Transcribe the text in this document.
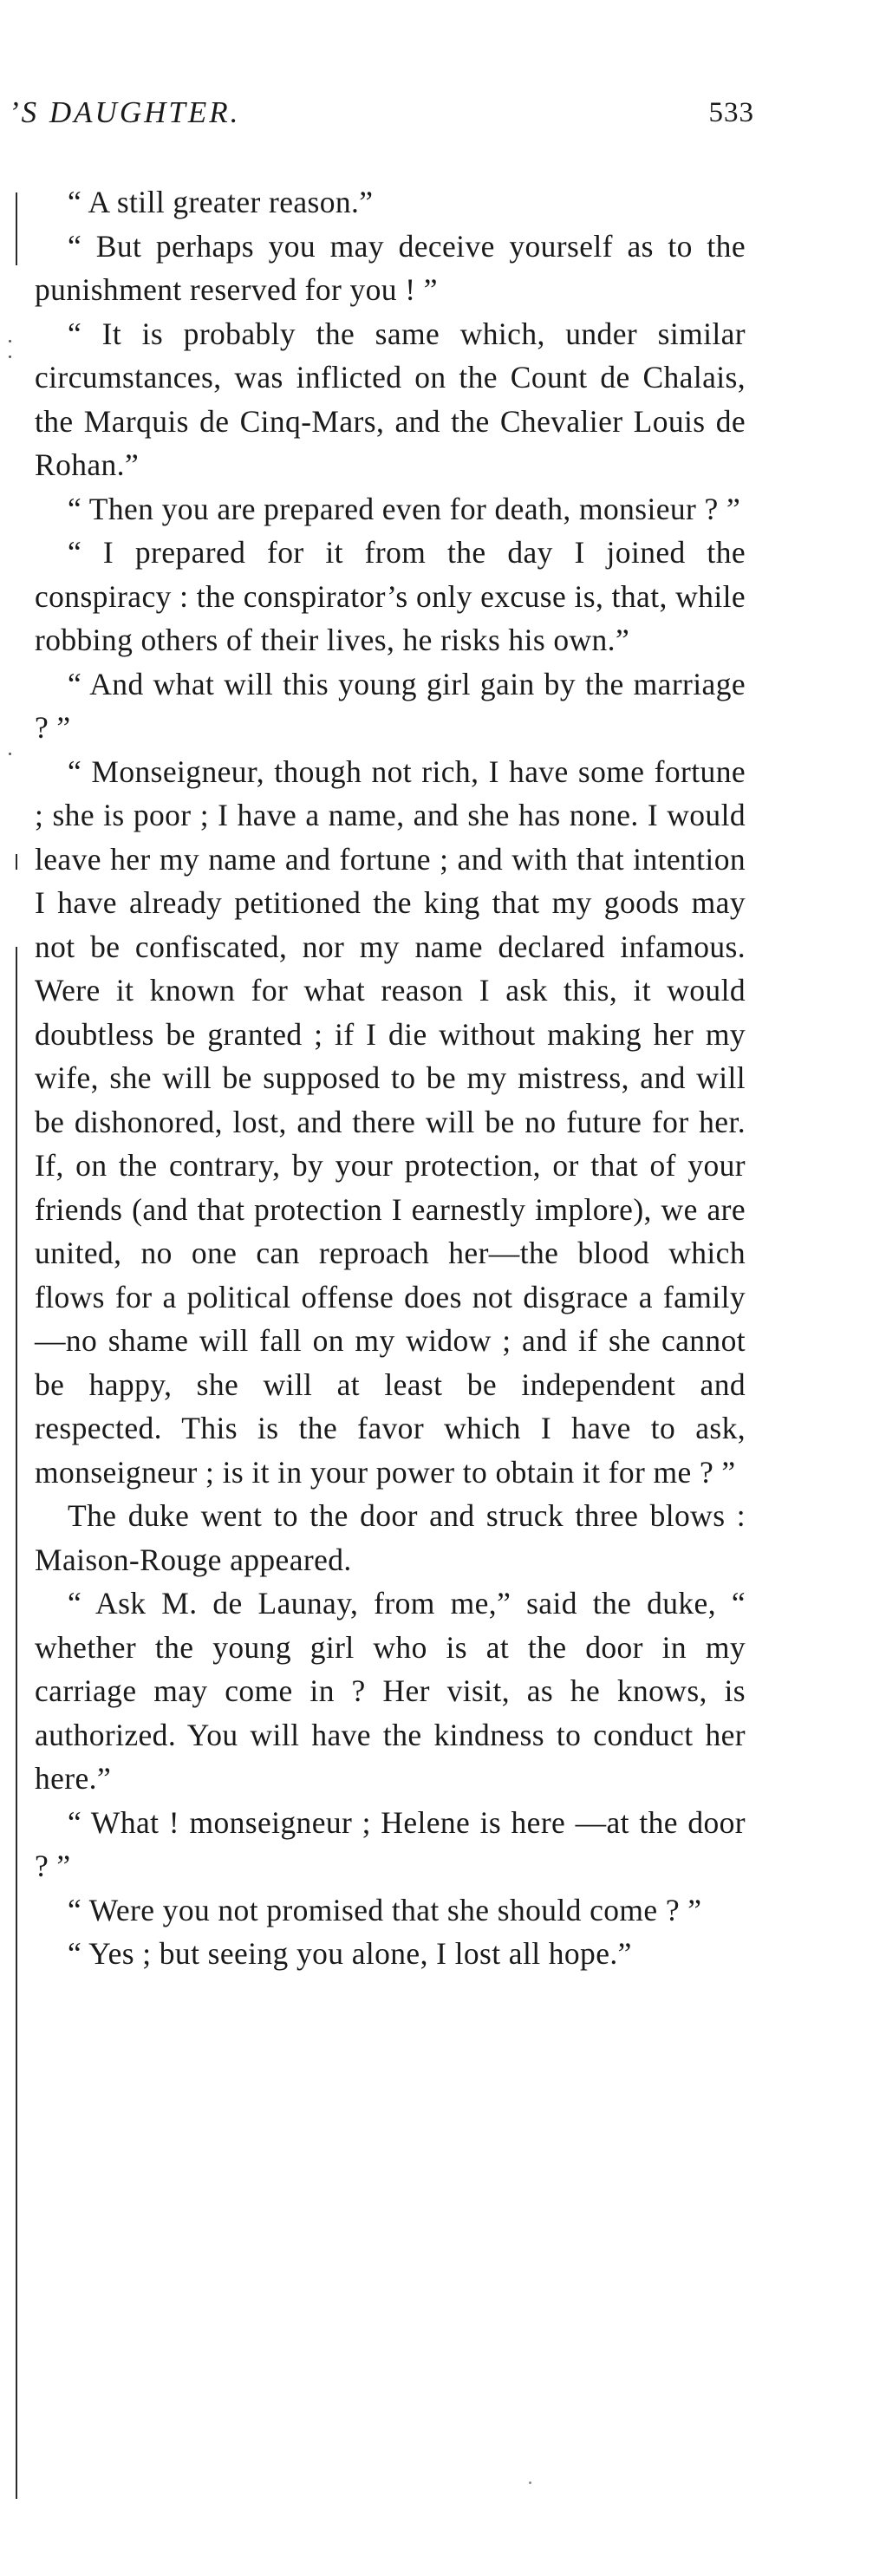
’S DAUGHTER.	533

“ A still greater reason.”

“ But perhaps you may deceive yourself as to the punishment reserved for you ! ”

“ It is probably the same which, under similar circumstances, was inflicted on the Count de Chalais, the Marquis de Cinq-Mars, and the Chevalier Louis de Rohan.”

“ Then you are prepared even for death, monsieur ? ”

“ I prepared for it from the day I joined the conspiracy : the conspirator’s only excuse is, that, while robbing others of their lives, he risks his own.”

“ And what will this young girl gain by the marriage ? ”

“ Monseigneur, though not rich, I have some fortune ; she is poor ; I have a name, and she has none. I would leave her my name and fortune ; and with that intention I have already petitioned the king that my goods may not be confiscated, nor my name declared infamous. Were it known for what reason I ask this, it would doubtless be granted ; if I die without making her my wife, she will be supposed to be my mistress, and will be dishonored, lost, and there will be no future for her. If, on the contrary, by your protection, or that of your friends (and that protection I earnestly implore), we are united, no one can reproach her—the blood which flows for a political offense does not disgrace a family—no shame will fall on my widow ; and if she cannot be happy, she will at least be independent and respected. This is the favor which I have to ask, monseigneur ; is it in your power to obtain it for me ? ”

The duke went to the door and struck three blows : Maison-Rouge appeared.

“ Ask M. de Launay, from me,” said the duke, “ whether the young girl who is at the door in my carriage may come in ? Her visit, as he knows, is authorized. You will have the kindness to conduct her here.”

“ What ! monseigneur ; Helene is here —at the door ? ”

“ Were you not promised that she should come ? ”

“ Yes ; but seeing you alone, I lost all hope.”
